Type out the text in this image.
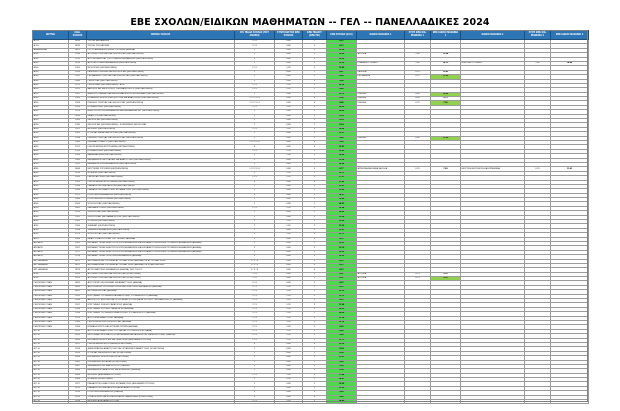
ΕΒΕ ΣΧΟΛΩΝ/ΕΙΔΙΚΩΝ ΜΑΘΗΜΑΤΩΝ -- ΓΕΛ -- ΠΑΝΕΛΛΑΔΙΚΕΣ 2024
ΙΔΡΥΜΑ	ΚΩΔ. ΣΧΟΛΗΣ	ΟΝΟΜΑ ΣΧΟΛΗΣ	ΟΠ. ΠΕΔΙΑ ΣΧΟΛΗΣ (ΠΟΥ ΑΝΗΚΕΙ)	ΣΥΝΤΕΛΕΣΤΗΣ ΕΒΕ ΣΧΟΛΗΣ	ΕΒΕ ΠΕΔΙΟΥ (ΕΒΕ ΠΕ)	ΕΒΕ ΣΧΟΛΗΣ (ΕΞΧ)	ΕΙΔΙΚΟ ΜΑΘΗΜΑ 1	ΣΥΝΤ. ΕΒΕ ΕΙΔ. ΜΑΘΗΜΑ 1	ΕΒΕ ΕΙΔΙΚΟ ΜΑΘΗΜΑ 1	ΕΙΔΙΚΟ ΜΑΘΗΜΑ 2	ΣΥΝΤ. ΕΒΕ ΕΙΔ. ΜΑΘΗΜΑ 2	ΕΒΕ ΕΙΔΙΚΟ ΜΑΘΗΜΑ 2
Α.Σ.Κ.	9814	ΣΧΟΛΗ ΜΗΧΑΝΙΚΩΝ	2 / 4	0.80	2	8.21						
Α.Σ.Κ.	9815	ΣΧΟΛΗ ΣΧΟΛΑΡΧΩΝ	2 / 4	0.80	2	8.21						
ΑΚΑ ΑΘΗΝΑΣ	9821	ΠΡΟΓΡΑΜΜΑ ΕΝΤΕΧΝΩΝ ΣΠΟΥΔΩΝ (ΑΘΗΝΑ)	1	0.80	1	13.58						
ΑΠΘ	1530	ΑΓΓΛΙΚΗΣ ΓΛΩΣΣΑΣ ΚΑΙ ΦΙΛΟΛΟΓΙΑΣ (ΘΕΣΣΑΛΟΝΙΚΗ)	1	0.80	1	12.89	ΑΓΓΛΙΚΑ	1.00	13.94			
ΑΠΘ	1515	ΑΓΡΟΝΟΜΩΝ ΚΑΙ ΤΟΠΟΓΡΑΦΩΝ ΜΗΧΑΝΙΚΩΝ (ΘΕΣΣΑΛΟΝΙΚΗ)	2	0.80	2	10.20						
ΑΠΘ	1614	ΑΡΧΙΤΕΚΤΟΝΩΝ ΜΗΧΑΝΙΚΩΝ (ΘΕΣΣΑΛΟΝΙΚΗ)	2	0.80	2	13.32	ΓΡΑΜΜΙΚΟ ΣΧΕΔΙΟ	1.00	14.12	ΕΛΕΥΘΕΡΟ ΣΧΕΔΙΟ	1.00	14.48
ΑΠΘ	1401	ΒΙΟΛΟΓΙΑΣ (ΘΕΣΣΑΛΟΝΙΚΗ)	2 / 3	1.20	2	13.85						
ΑΠΘ	1533	ΓΑΛΛΙΚΗΣ ΓΛΩΣΣΑΣ ΚΑΙ ΦΙΛΟΛΟΓΙΑΣ (ΘΕΣΣΑΛΟΝΙΚΗ)	1	0.80	1	8.87	ΓΑΛΛΙΚΑ	0.75	10.42			
ΑΠΘ	1537	ΓΕΡΜΑΝΙΚΗΣ ΓΛΩΣΣΑΣ ΚΑΙ ΦΙΛΟΛΟΓΙΑΣ (ΘΕΣΣΑΛΟΝΙΚΗ)	1	0.80	1	8.80	ΓΕΡΜΑΝΙΚΑ	0.75	11.95			
ΑΠΘ	1590	ΓΕΩΛΟΓΙΑΣ (ΘΕΣΣΑΛΟΝΙΚΗ)	2	0.80	2	9.56						
ΑΠΘ	1572	ΓΕΩΠΟΝΙΑΣ (ΘΕΣΣΑΛΟΝΙΚΗ) - ΑΠΘ	2 / 3	1.20	2	14.36						
ΑΠΘ	1512	ΔΑΣΟΛΟΓΙΑΣ ΚΑΙ ΦΥΣΙΚΟΥ ΠΕΡΙΒΑΛΛΟΝΤΟΣ (ΘΕΣΣΑΛΟΝΙΚΗ)	2 / 3	1.20	2	8.45						
ΑΠΘ	1547	ΔΗΜΟΣΙΟΓΡΑΦΙΑΣ ΚΑΙ ΜΕΣΩΝ ΜΑΖΙΚΗΣ ΕΠΙΚΟΙΝΩΝΙΑΣ (ΘΕΣΣΑΛΟΝΙΚΗ)	1	0.80	1	10.72	ΙΤΑΛΙΚΑ	0.80	16.86			
ΑΠΘ	1565	ΙΣΠΑΝΙΚΗΣ ΦΙΛΟΛΟΓΙΑΣ (ΕΡΓΟΝΕ ΚΑΙ ΑΝΑΛΥΣΕΩΣ (ΘΕΣΣΑΛΟΝΙΚΗ)	1 / 2 / 3 / 4	0.80	4	9.96	ΙΤΑΛΙΚΑ	0.85	8.79			
ΑΠΘ	1583	ΙΤΑΛΙΚΗΣ ΓΛΩΣΣΑΣ ΚΑΙ ΦΙΛΟΛΟΓΙΑΣ (ΘΕΣΣΑΛΟΝΙΚΗ)	1 / 2 / 3 / 4	0.80	4	8.85	ΙΤΑΛΙΚΑ	0.75	7.00			
ΑΠΘ	1524	ΚΤΗΝΙΑΤΡΙΚΗΣ (ΘΕΣΣΑΛΟΝΙΚΗ)	2 / 3	1.20	2	14.60						
ΑΠΘ	1513	ΗΛΕΚΤΡΟΛΟΓΩΝ ΜΗΧΑΝΙΚΩΝ ΚΑΙ ΜΗΧΑΝΙΚΩΝ Η/Υ (ΘΕΣΣΑΛΟΝΙΚΗ)	2	0.80	2	15.62						
ΑΠΘ	1610	ΘΕΑΤΡΟΥ (ΘΕΣΣΑΛΟΝΙΚΗ)	1	0.80	1	8.14						
ΑΠΘ	1505	ΘΕΟΛΟΓΙΑΣ (ΘΕΣΣΑΛΟΝΙΚΗ)	1	0.80	1	8.14						
ΑΠΘ	1780	ΘΕΟΛΟΓΙΑΣ (ΘΕΣΣΑΛΟΝΙΚΗ) - ΚΟΙΝΩΝΙΚΗΣ ΘΕΟΛΟΓΙΑΣ	1	0.80	1	8.14						
ΑΠΘ	1521	ΙΑΤΡΙΚΗΣ (ΘΕΣΣΑΛΟΝΙΚΗ)	2 / 3	1.20	2	18.08						
ΑΠΘ	1541	ΙΣΤΟΡΙΑΣ ΚΑΙ ΑΡΧΑΙΟΛΟΓΙΑΣ (ΘΕΣΣΑΛΟΝΙΚΗ)	1	0.80	1	13.37						
ΑΠΘ	1538	ΙΤΑΛΙΚΗΣ ΓΛΩΣΣΑΣ ΚΑΙ ΦΙΛΟΛΟΓΙΑΣ (ΘΕΣΣΑΛΟΝΙΚΗ)	1	0.80	1	9.86	ΙΤΑΛΙΚΑ	0.80	13.99			
ΑΠΘ	1565	ΚΙΝΗΜΑΤΟΓΡΑΦΟΥ (ΘΕΣΣΑΛΟΝΙΚΗ)	1 / 2 / 3 / 4	0.80	4	9.65						
ΑΠΘ	1557	ΟΙΚΟΝΟΜΙΚΩΝ ΕΠΙΣΤΗΜΩΝ (ΘΕΣΣΑΛΟΝΙΚΗ)	4	0.80	4	13.81						
ΑΠΘ	1511	ΚΤΗΝΙΑΤΡΙΚΗΣ (ΘΕΣΣΑΛΟΝΙΚΗ)	2 / 3	1.20	2	16.05						
ΑΠΘ	1526	ΜΑΘΗΜΑΤΙΚΩΝ (ΘΕΣΣΑΛΟΝΙΚΗ)	2	1.00	2	14.58						
ΑΠΘ	1565	ΜΗΧΑΝΙΚΩΝ ΧΩΡΟΤΑΞΙΑΣ ΚΑΙ ΑΝΑΠΤΥΞΗΣ (ΘΕΣΣΑΛΟΝΙΚΗ)	2	0.80	2	10.54						
ΑΠΘ	1551	ΜΗΧΑΝΟΛΟΓΩΝ ΜΗΧΑΝΙΚΩΝ (ΘΕΣΣΑΛΟΝΙΚΗ)	2	0.80	2	14.94						
ΑΠΘ	9646	ΜΟΥΣΙΚΩΝ ΣΠΟΥΔΩΝ (ΘΕΣΣΑΛΟΝΙΚΗ)	1 / 2 / 3 / 4	0.80	4	8.77	ΑΡΜΟΝΙΑ ΜΕΛΩΔΙΑ, ΑΚΟΗ Α	0.70	7.69	ΜΟΥΣΙΚΗ ΕΚΤΕΛΕΣΗ ΚΑΙ ΕΡΜΗΝΕΙΑ	0.70	11.41
ΑΠΘ	1510	ΝΟΜΙΚΗΣ (ΘΕΣΣΑΛΟΝΙΚΗ)	1	1.20	1	15.71						
ΑΠΘ	1520	ΟΔΟΝΤΙΑΤΡΙΚΗΣ (ΘΕΣΣΑΛΟΝΙΚΗ)	2 / 3	1.20	2	17.97						
ΑΠΘ	1552	ΟΙΚΟΝΟΜΙΚΩΝ ΕΠΙΣΤΗΜΩΝ (ΘΕΣΣΑΛΟΝΙΚΗ)	4	0.80	4	11.86						
ΑΠΘ	1553	ΠΑΙΔΑΓΩΓΙΚΟ ΝΗΠΙΑΓΩΓΩΝ (ΘΕΣΣΑΛΟΝΙΚΗ)	1	0.80	1	13.91						
ΑΠΘ	1554	ΠΑΙΔΑΓΩΓΙΚΟ ΔΗΜΟΤΙΚΗΣ ΕΚΠΑΙΔΕΥΣΗΣ (ΘΕΣΣΑΛΟΝΙΚΗ)	1	0.80	1	13.80						
ΑΠΘ	1571	ΠΟΛΙΤΙΚΩΝ ΜΗΧΑΝΙΚΩΝ (ΘΕΣΣΑΛΟΝΙΚΗ)	2	0.80	2	14.27						
ΑΠΘ	1566	ΠΟΛΙΤΙΚΩΝ ΕΠΙΣΤΗΜΩΝ (ΘΕΣΣΑΛΟΝΙΚΗ)	1	0.80	1	13.40						
ΑΠΘ	1545	ΨΥΧΟΛΟΓΙΑΣ (ΘΕΣΣΑΛΟΝΙΚΗ)	1	0.80	1	14.97						
ΑΠΘ	1602	ΦΑΡΜΑΚΕΥΤΙΚΗΣ (ΘΕΣΣΑΛΟΝΙΚΗ)	2 / 3	1.20	2	16.34						
ΑΠΘ	1613	ΦΙΛΟΛΟΓΙΑΣ (ΘΕΣΣΑΛΟΝΙΚΗ)	1	0.80	1	14.08						
ΑΠΘ	1592	ΦΙΛΟΣΟΦΙΑΣ ΚΑΙ ΠΑΙΔΑΓΩΓΙΚΗΣ (ΘΕΣΣΑΛΟΝΙΚΗ)	1	0.80	1	13.08						
ΑΠΘ	1520	ΦΥΣΙΚΗΣ (ΘΕΣΣΑΛΟΝΙΚΗ)	2	1.20	2	12.69						
ΑΠΘ	1560	ΧΗΜΕΙΑΣ (ΘΕΣΣΑΛΟΝΙΚΗ)	2	1.20	2	13.30						
ΑΠΘ	1558	ΧΗΜΙΚΩΝ ΜΗΧΑΝΙΚΩΝ (ΘΕΣΣΑΛΟΝΙΚΗ)	2	0.80	2	13.81						
ΑΠΘ	1573	ΨΥΧΟΛΟΓΙΑΣ (ΘΕΣΣΑΛΟΝΙΚΗ)	1	1.20	1	15.71						
ΑΣΚΤ	1964	ΘΕΑΤΡΟ ΚΑΙ ΙΣΤΟΡΙΑΣ ΤΗΣ ΤΕΧΝΗΣ (ΑΘΗΝΑ)	1	0.80	1	8.21						
ΑΣΠΑΙΤΕ	1501	ΕΚΠΑΙΔΕΥΤΙΚΩΝ ΗΛΕΚΤΡΟΛΟΓΩΝ ΜΗΧΑΝΙΚΩΝ ΚΑΙ ΕΚΠΑΙΔΕΥΤΙΚΩΝ ΗΛΕΚΤΡΟΝΙΚΩΝ ΜΗΧΑΝΙΚΩΝ (ΑΘΗΝΑ)	2	0.80	2	10.51						
ΑΣΠΑΙΤΕ	1507	ΕΚΠΑΙΔΕΥΤΙΚΩΝ ΗΛΕΚΤΡΟΛΟΓΩΝ ΜΗΧΑΝΙΚΩΝ ΚΑΙ ΕΚΠΑΙΔΕΥΤΙΚΩΝ ΗΛΕΚΤΡΟΝΙΚΩΝ ΜΗΧΑΝΙΚΩΝ (ΑΘΗΝΑ)	2	0.80	2	10.10						
ΑΣΠΑΙΤΕ	1577	ΕΚΠΑΙΔΕΥΤΙΚΩΝ ΗΛΕΚΤΡΟΛΟΓΩΝ ΜΗΧΑΝΙΚΩΝ ΚΑΙ ΕΚΠΑΙΔΕΥΤΙΚΩΝ ΗΛΕΚΤΡΟΝΙΚΩΝ ΜΗΧΑΝΙΚΩΝ (ΑΘΗΝΑ)	2	0.80	2	10.32						
ΑΣΠΑΙΤΕ	1578	ΕΚΠΑΙΔΕΥΤΙΚΩΝ ΠΟΛΙΤΙΚΩΝ ΜΗΧΑΝΙΚΩΝ (ΑΘΗΝΑ)	2	0.80	2	10.32						
ΔΙΠ. ΑΚΑΔΗΜ.	9871	ΔΙΠΛΩΜΑΤΙΚΩΝ ΣΠΟΥΔΩΝ ΑΣΤΡΟΝΑΥΤΙΚΗΣ (ΑΘΗΝΑ) ΤΜ ΑΣΤΡΟΝΑΥΤΙΚΗΣ	1 / 2 / 3	0.80	3	8.21						
ΔΙΠ. ΑΚΑΔΗΜ.	9872	ΔΙΠΛΩΜΑΤΙΚΩΝ ΣΠΟΥΔΩΝ ΑΣΤΡΟΝΑΥΤΙΚΗΣ (ΑΘΗΝΑ) ΤΜ ΚΥΒΕΡΝΗΤΙΚΗΣ	1 / 2 / 3	0.80	3	8.21						
ΔΙΠ. ΑΚΑΔΗΜ.	9873	ΑΣΤΡΟΝΑΥΤΙΚΗΣ ΜΗΧΑΝΙΚΗΣ (ΑΘΗΝΑ) ΤΜ ΣΤΟΛΟΥ	1 / 2 / 3	0.80	3	8.21						
ΔΠΘ	1824	ΑΓΓΛΙΚΗΣ ΓΛΩΣΣΑΣ ΚΑΙ ΦΙΛΟΛΟΓΙΑΣ (ΚΟΜΟΤΗΝΗ)	1 / 4	0.80	2	8.07	ΑΓΓΛΙΚΑ	0.75	9.16			
ΔΠΘ	1825	ΑΓΓΛΙΚΗΣ ΓΛΩΣΣΑΣ ΚΑΙ ΦΙΛΟΛΟΓΙΑΣ (ΚΟΜΟΤΗΝΗ)	1 / 4	0.80	2	8.07	ΑΓΓΛΙΚΑ	0.75	9.16			
ΓΕΩΠΟΝΙΚΟ ΠΑΝ.	9820	ΑΓΡΟΤΙΚΗΣ ΟΙΚΟΝΟΜΙΑΣ ΚΑΙ ΑΝΑΠΤΥΞΗΣ (ΑΘΗΝΑ)	2 / 4	0.80	2	8.21						
ΓΕΩΠΟΝΙΚΟ ΠΑΝ.	9825	ΑΞΙΟΠΟΙΗΣΗΣ ΦΥΣΙΚΩΝ ΠΟΡΩΝ ΚΑΙ ΓΕΩΡΓΙΚΗΣ ΜΗΧΑΝΙΚΗΣ (ΑΘΗΝΑ)	2 / 3	1.20	2	8.21						
ΓΕΩΠΟΝΙΚΟ ΠΑΝ.	9821	ΒΙΟΤΕΧΝΟΛΟΓΙΑΣ (ΑΘΗΝΑ)	2 / 3	1.20	2	10.13						
ΓΕΩΠΟΝΙΚΟ ΠΑΝ.	1551	ΕΠΙΣΤΗΜΗΣ ΤΡΟΦΙΜΩΝ ΚΑΙ ΔΙΑΤΡΟΦΗΣ ΤΟΥ ΑΝΘΡΩΠΟΥ (ΑΘΗΝΑ)	2 / 3	1.20	2	13.13						
ΓΕΩΠΟΝΙΚΟ ΠΑΝ.	1556	ΑΕΙΦΟΡΟΥ ΓΕΩΡΓΙΑΣ ΚΑΙ ΠΡΟΣΤΑΣΙΑΣ ΦΥΤΩΝ ΚΑΙ ΑΓΡΟΤΙΚΟΥ ΠΕΡΙΒΑΛΛΟΝΤΟΣ (ΑΘΗΝΑ)	2 / 3	1.20	2	8.61						
ΓΕΩΠΟΝΙΚΟ ΠΑΝ.	1557	ΕΠΙΣΤΗΜΗΣ ΖΩΙΚΗΣ ΠΑΡΑΓΩΓΗΣ (ΑΘΗΝΑ)	2 / 3	1.20	2	11.98						
ΓΕΩΠΟΝΙΚΟ ΠΑΝ.	1558	ΕΠΙΣΤΗΜΗΣ ΦΥΤΙΚΗΣ ΠΑΡΑΓΩΓΗΣ (ΑΘΗΝΑ)	2 / 3	1.20	2	14.30						
ΓΕΩΠΟΝΙΚΟ ΠΑΝ.	1559	ΕΠΙΣΤΗΜΗΣ ΤΡΟΦΙΜΩΝ & ΔΙΑΤΡΟΦΗΣ ΤΟΥ ΑΝΘΡΩΠΟΥ (ΑΘΗΝΑ)	2 / 3	1.20	2	14.08						
ΓΕΩΠΟΝΙΚΟ ΠΑΝ.	1570	ΑΓΡΟΤΙΚΗΣ ΑΝΑΠΤΥΞΗΣ (ΑΘΗΝΑ)	2 / 3	1.20	2	13.14						
ΓΕΩΠΟΝΙΚΟ ΠΑΝ.	1585	ΓΕΩΠΟΝΙΚΗΣ ΒΙΟΤΕΧΝΟΛΟΓΙΑΣ (ΑΘΗΝΑ)	2 / 3	1.20	2	12.16						
ΓΕΩΠΟΝΙΚΟ ΠΑΝ.	1596	ΕΠΙΒΑΛΛΟΝΤΟΣ ΚΑΙ ΦΥΣΙΚΩΝ ΠΟΡΩΝ (ΑΘΗΝΑ)	2 / 3	1.20	2	9.41						
Δ.Π.Θ.	1611	ΑΓΡΟΤΙΚΗΣ ΑΝΑΠΤΥΞΗΣ ΠΤΥΧΙΑ ΚΑΙ ΣΤΡΟΦΩΝ (ΟΡΕΣΤΙΑΔΑ)	2 / 3	1.20	2	8.02						
Δ.Π.Θ.	1620	ΜΟΛΥΣΜΑΤΟΛΟΓΙΚΑ ΠΡΟΣΟΜΟΙΩΜΕΝΗ ΜΕΤΑΛΛΙΚΗ ΤΗΣ ΚΑΠΝΟΦΥΤΙΚΗΣ (ΞΑΝΘΗ)	2 / 3	1.20	2	9.68						
Δ.Π.Θ.	1605	ΜΟΡΙΑΚΗΣ ΒΙΟΛΟΓΙΑΣ ΚΑΙ ΓΕΝΕΤΙΚΗΣ (ΑΛΕΞΑΝΔΡΟΥΠΟΛΗ)	2 / 3	1.20	2	13.71						
Δ.Π.Θ.	1617	ΟΙΚΟΝΟΜΙΚΩΝ ΕΠΙΣΤΗΜΩΝ (ΚΟΜΟΤΗΝΗ)	4	0.80	4	10.16						
Δ.Π.Θ.	1628	ΔΗΜΟΚΡΑΤΙΚΗ ΑΝΑΠΤΥΞΗΣ ΚΑΙ ΟΡΓΑΝΙΣΜΟΣ ΑΝΑΠΤΥΞΗΣ (ΚΟΜΟΤΗΝΗ)	1	0.80	1	8.34						
Δ.Π.Θ.	1629	ΙΣΤΟΡΙΑΣ ΚΑΙ ΕΘΝΟΛΟΓΙΑΣ (ΚΟΜΟΤΗΝΗ)	1	0.80	1	8.36						
Δ.Π.Θ.	1608	ΕΛΛΗΝΙΚΗΣ ΦΙΛΟΛΟΓΙΑΣ (ΚΟΜΟΤΗΝΗ)	1	0.80	1	13.61						
Δ.Π.Θ.	1602	ΚΟΙΝΩΝΙΚΗΣ ΕΡΓΑΣΙΑΣ (ΚΟΜΟΤΗΝΗ)	1	0.80	1	9.52						
Δ.Π.Θ.	1607	ΜΗΧΑΝΙΚΩΝ ΠΕΡΙΒΑΛΛΟΝΤΟΣ (ΞΑΝΘΗ)	2	0.80	2	9.95						
Δ.Π.Θ.	1606	ΜΗΧΑΝΙΚΩΝ ΠΑΡΑΓΩΓΗΣ ΚΑΙ ΔΙΟΙΚΗΣΗΣ (ΞΑΝΘΗ)	2	0.80	2	9.39						
Δ.Π.Θ.	1604	ΙΑΤΡΙΚΗΣ (ΑΛΕΞΑΝΔΡΟΥΠΟΛΗ)	2 / 3	1.20	2	17.44						
Δ.Π.Θ.	1609	ΝΟΜΙΚΗΣ (ΚΟΜΟΤΗΝΗ)	1	1.20	1	14.61						
Δ.Π.Θ.	1627	ΠΑΙΔΑΓΩΓΙΚΟ ΔΗΜΟΤΙΚΗΣ ΕΚΠΑΙΔΕΥΣΗΣ (ΑΛΕΞΑΝΔΡΟΥΠΟΛΗ)	1	0.80	1	13.00						
Δ.Π.Θ.	1612	ΠΑΙΔΑΓΩΓΙΚΟ ΝΗΠΙΑΓΩΓΩΝ (ΑΛΕΞΑΝΔΡΟΥΠΟΛΗ)	1	0.80	1	12.90						
Δ.Π.Θ.	1614	ΠΟΛΙΤΙΚΩΝ ΜΗΧΑΝΙΚΩΝ (ΞΑΝΘΗ)	2	0.80	2	9.89						
Δ.Π.Θ.	1610	ΣΤΡΑΤΗΓΙΚΗΣ ΚΑΙ ΕΠΙΧΕΙΡΗΣΙΑΚΗΣ ΜΑΘΗΤΕΙΑΣ (ΚΟΜΟΤΗΝΗ)	4	0.80	4	9.45						
Δ.Π.Θ.	1618	ΙΑΤΡΙΚΗΣ ΑΛΕΞΑΝΔΡΟΥΠΟΛΗ	2 / 3	1.20	2	14.89						
